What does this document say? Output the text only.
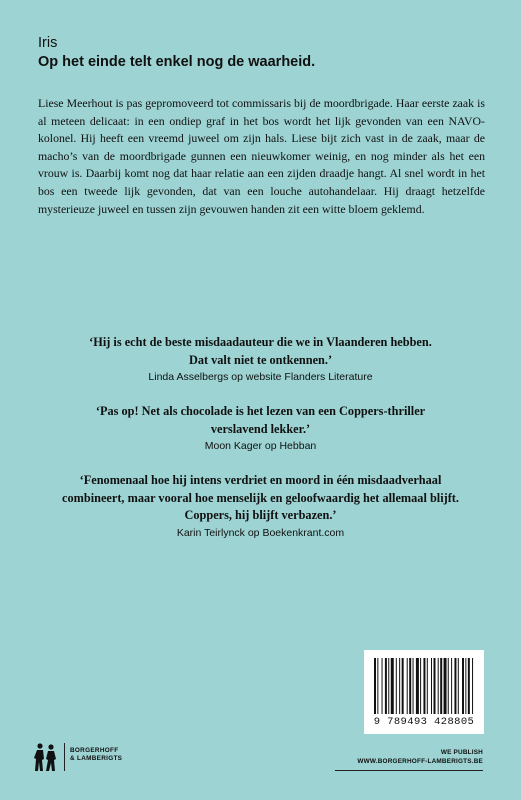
Iris
Op het einde telt enkel nog de waarheid.

Liese Meerhout is pas gepromoveerd tot commissaris bij de moordbrigade. Haar eerste zaak is al meteen delicaat: in een ondiep graf in het bos wordt het lijk gevonden van een NAVO-kolonel. Hij heeft een vreemd juweel om zijn hals. Liese bijt zich vast in de zaak, maar de macho’s van de moordbrigade gunnen een nieuwkomer weinig, en nog minder als het een vrouw is. Daarbij komt nog dat haar relatie aan een zijden draadje hangt. Al snel wordt in het bos een tweede lijk gevonden, dat van een louche autohandelaar. Hij draagt hetzelfde mysterieuze juweel en tussen zijn gevouwen handen zit een witte bloem geklemd.

‘Hij is echt de beste misdaadauteur die we in Vlaanderen hebben.
Dat valt niet te ontkennen.’
Linda Asselbergs op website Flanders Literature
‘Pas op! Net als chocolade is het lezen van een Coppers-thriller
verslavend lekker.’
Moon Kager op Hebban
‘Fenomenaal hoe hij intens verdriet en moord in één misdaadverhaal
combineert, maar vooral hoe menselijk en geloofwaardig het allemaal blijft.
Coppers, hij blijft verbazen.’
Karin Teirlynck op Boekenkrant.com
9 789493 428805
BORGERHOFF
& LAMBERIGTS
WE PUBLISH
WWW.BORGERHOFF-LAMBERIGTS.BE
